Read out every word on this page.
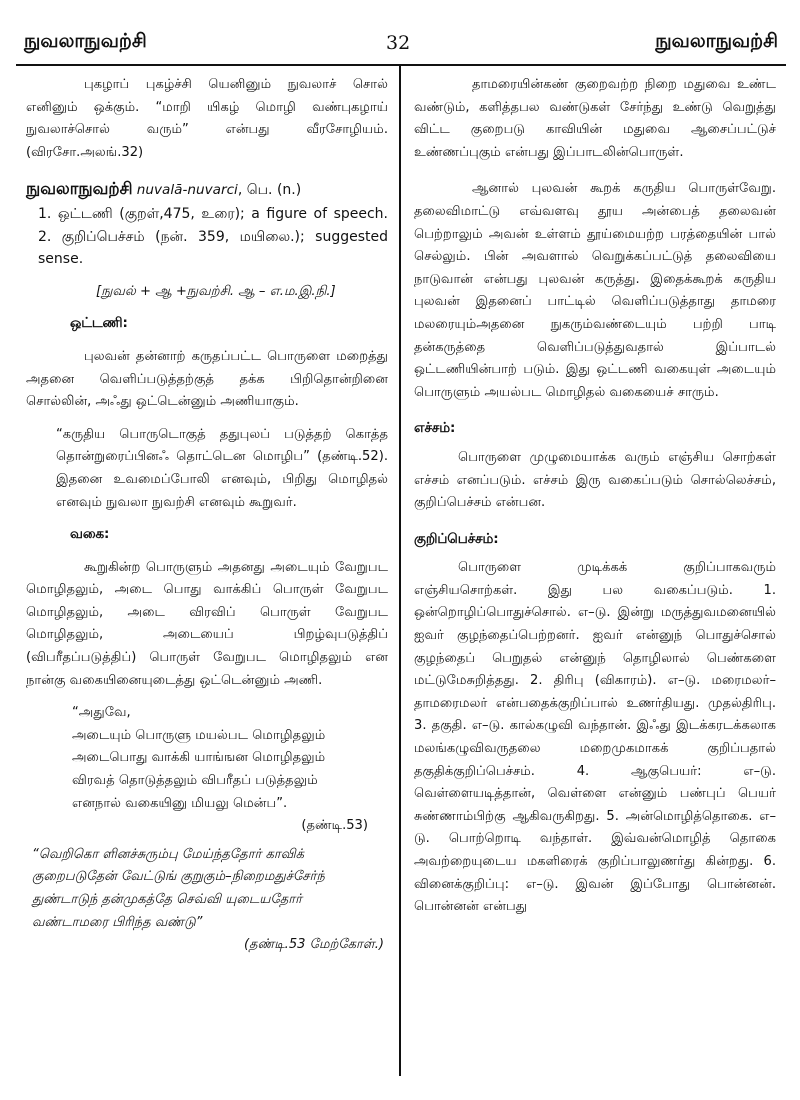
நுவலாநுவற்சி	32	நுவலாநுவற்சி

புகழாப் புகழ்ச்சி யெனினும் நுவலாச் சொல் எனினும் ஒக்கும். “மாறி யிகழ் மொழி வண்புகழாய் நுவலாச்சொல் வரும்” என்பது வீரசோழியம். (விரசோ.அலங்.32)

நுவலாநுவற்சி nuvalā-nuvarci, பெ. (n.)

1. ஒட்டணி (குறள்,475, உரை); a figure of speech. 2. குறிப்பெச்சம் (நன். 359, மயிலை.); suggested sense.

[நுவல் + ஆ +நுவற்சி. ஆ – எ.ம.இ.நி.]

ஒட்டணி:

புலவன் தன்னாற் கருதப்பட்ட பொருளை மறைத்து அதனை வெளிப்படுத்தற்குத் தக்க பிறிதொன்றினை சொல்லின், அஃது ஒட்டென்னும் அணியாகும்.

“கருதிய பொருடொகுத் ததுபுலப் படுத்தற் கொத்த தொன்றுரைப்பினஃ தொட்டென மொழிப” (தண்டி.52). இதனை உவமைப்போலி எனவும், பிறிது மொழிதல் எனவும் நுவலா நுவற்சி எனவும் கூறுவர்.

வகை:

கூறுகின்ற பொருளும் அதனது அடையும் வேறுபட மொழிதலும், அடை பொது வாக்கிப் பொருள் வேறுபட மொழிதலும், அடை விரவிப் பொருள் வேறுபட மொழிதலும், அடையைப் பிறழ்வுபடுத்திப் (விபரீதப்படுத்திப்) பொருள் வேறுபட மொழிதலும் என நான்கு வகையினையுடைத்து ஒட்டென்னும் அணி.

“அதுவே,

அடையும் பொருளு மயல்பட மொழிதலும்

அடைபொது வாக்கி யாங்ஙன மொழிதலும்

விரவத் தொடுத்தலும் விபரீதப் படுத்தலும்

எனநால் வகையினு மியலு மென்ப”.

(தண்டி.53)

“வெறிகொ ளினச்சுரும்பு மேய்ந்ததோர் காவிக்

குறைபடுதேன் வேட்டுங் குறுகும்–நிறைமதுச்சேர்ந்

துண்டாடுந் தன்முகத்தே செவ்வி யுடையதோர்

வண்டாமரை பிரிந்த வண்டு”

(தண்டி.53 மேற்கோள்.)

தாமரையின்கண் குறைவற்ற நிறை மதுவை உண்ட வண்டும், களித்தபல வண்டுகள் சேர்ந்து உண்டு வெறுத்து விட்ட குறைபடு காவியின் மதுவை ஆசைப்பட்டுச் உண்ணப்புகும் என்பது இப்பாடலின்பொருள்.

ஆனால் புலவன் கூறக் கருதிய பொருள்வேறு. தலைவிமாட்டு எவ்வளவு தூய அன்பைத் தலைவன் பெற்றாலும் அவன் உள்ளம் தூய்மையற்ற பரத்தையின் பால் செல்லும். பின் அவளால் வெறுக்கப்பட்டுத் தலைவியை நாடுவான் என்பது புலவன் கருத்து. இதைக்கூறக் கருதிய புலவன் இதனைப் பாட்டில் வெளிப்படுத்தாது தாமரை மலரையும்அதனை நுகரும்வண்டையும் பற்றி பாடி தன்கருத்தை வெளிப்படுத்துவதால் இப்பாடல் ஒட்டணியின்பாற் படும். இது ஒட்டணி வகையுள் அடையும் பொருளும் அயல்பட மொழிதல் வகையைச் சாரும்.

எச்சம்:

பொருளை முழுமையாக்க வரும் எஞ்சிய சொற்கள் எச்சம் எனப்படும். எச்சம் இரு வகைப்படும் சொல்லெச்சம், குறிப்பெச்சம் என்பன.

குறிப்பெச்சம்:

பொருளை முடிக்கக் குறிப்பாகவரும் எஞ்சியசொற்கள். இது பல வகைப்படும். 1. ஒன்றொழிப்பொதுச்சொல். எ–டு. இன்று மருத்துவமனையில் ஐவர் குழந்தைப்பெற்றனர். ஐவர் என்னுந் பொதுச்சொல் குழந்தைப் பெறுதல் என்னுந் தொழிலால் பெண்களை மட்டுமேசுறித்தது. 2. திரிபு (விகாரம்). எ–டு. மரைமலர்– தாமரைமலர் என்பதைக்குறிப்பால் உணர்தியது. முதல்திரிபு. 3. தகுதி. எ–டு. கால்கழுவி வந்தான். இஃது இடக்கரடக்கலாக மலங்கழுவிவருதலை மறைமுகமாகக் குறிப்பதால் தகுதிக்குறிப்பெச்சம். 4. ஆகுபெயர்: எ–டு. வெள்ளையடித்தான், வெள்ளை என்னும் பண்புப் பெயர் சுண்ணாம்பிற்கு ஆகிவருகிறது. 5. அன்மொழித்தொகை. எ–டு. பொற்றொடி வந்தாள். இவ்வன்மொழித் தொகை அவற்றையுடைய மகளிரைக் குறிப்பாலுணர்து கின்றது. 6. வினைக்குறிப்பு: எ–டு. இவன் இப்போது பொன்னன். பொன்னன் என்பது
